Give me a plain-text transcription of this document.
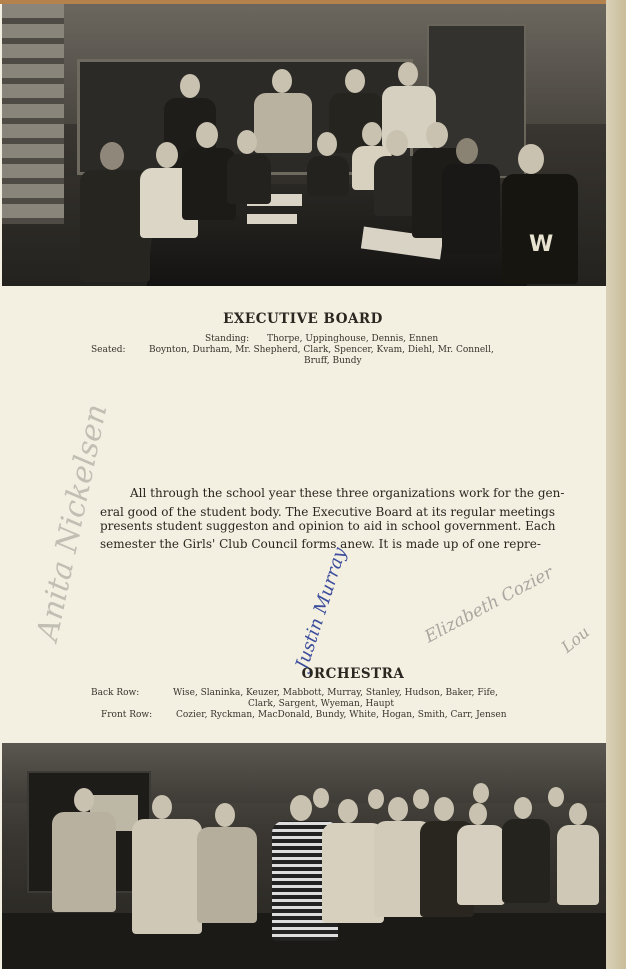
W
EXECUTIVE BOARD
Standing: Thorpe, Uppinghouse, Dennis, Ennen
Seated:	Boynton, Durham, Mr. Shepherd, Clark, Spencer, Kvam, Diehl, Mr. Connell,
Bruff, Bundy
All through the school year these three organizations work for the gen-
eral good of the student body. The Executive Board at its regular meetings
presents student suggeston and opinion to aid in school government. Each
semester the Girls' Club Council forms anew. It is made up of one repre-
Anita Nickelsen	Justin Murray	Elizabeth Cozier Lou
ORCHESTRA
Back Row:	Wise, Slaninka, Keuzer, Mabbott, Murray, Stanley, Hudson, Baker, Fife,
Clark, Sargent, Wyeman, Haupt
Front Row:	Cozier, Ryckman, MacDonald, Bundy, White, Hogan, Smith, Carr, Jensen
